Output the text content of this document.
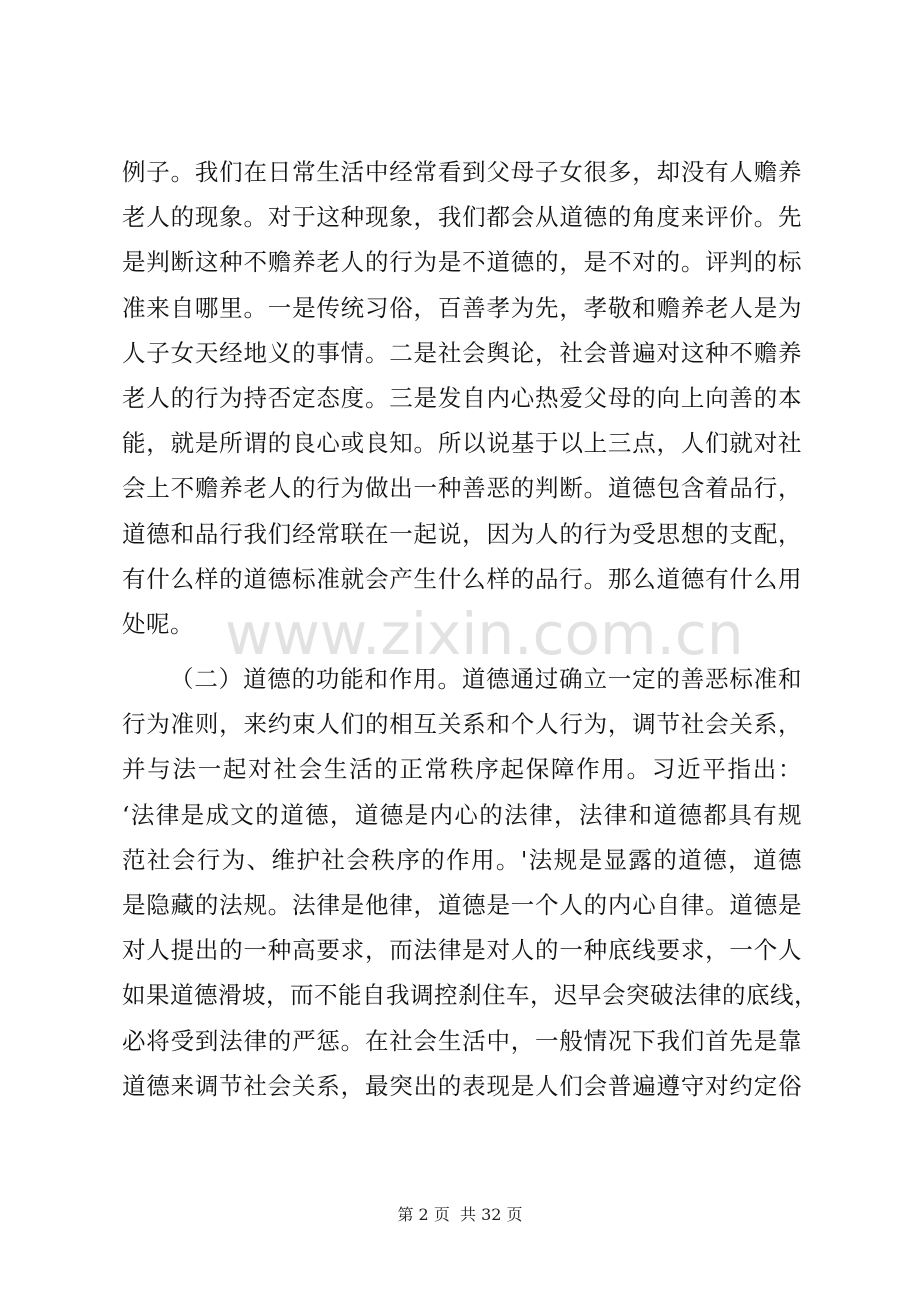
例子。我们在日常生活中经常看到父母子女很多，却没有人赡养
老人的现象。对于这种现象，我们都会从道德的角度来评价。先
是判断这种不赡养老人的行为是不道德的，是不对的。评判的标
准来自哪里。一是传统习俗，百善孝为先，孝敬和赡养老人是为
人子女天经地义的事情。二是社会舆论，社会普遍对这种不赡养
老人的行为持否定态度。三是发自内心热爱父母的向上向善的本
能，就是所谓的良心或良知。所以说基于以上三点，人们就对社
会上不赡养老人的行为做出一种善恶的判断。道德包含着品行，
道德和品行我们经常联在一起说，因为人的行为受思想的支配，
有什么样的道德标准就会产生什么样的品行。那么道德有什么用
处呢。
（二）道德的功能和作用。道德通过确立一定的善恶标准和
行为准则，来约束人们的相互关系和个人行为，调节社会关系，
并与法一起对社会生活的正常秩序起保障作用。习近平指出：
‘法律是成文的道德，道德是内心的法律，法律和道德都具有规
范社会行为、维护社会秩序的作用。'法规是显露的道德，道德
是隐藏的法规。法律是他律，道德是一个人的内心自律。道德是
对人提出的一种高要求，而法律是对人的一种底线要求，一个人
如果道德滑坡，而不能自我调控刹住车，迟早会突破法律的底线，
必将受到法律的严惩。在社会生活中，一般情况下我们首先是靠
道德来调节社会关系，最突出的表现是人们会普遍遵守对约定俗
www.zixin.com.cn
第 2 页  共 32 页
